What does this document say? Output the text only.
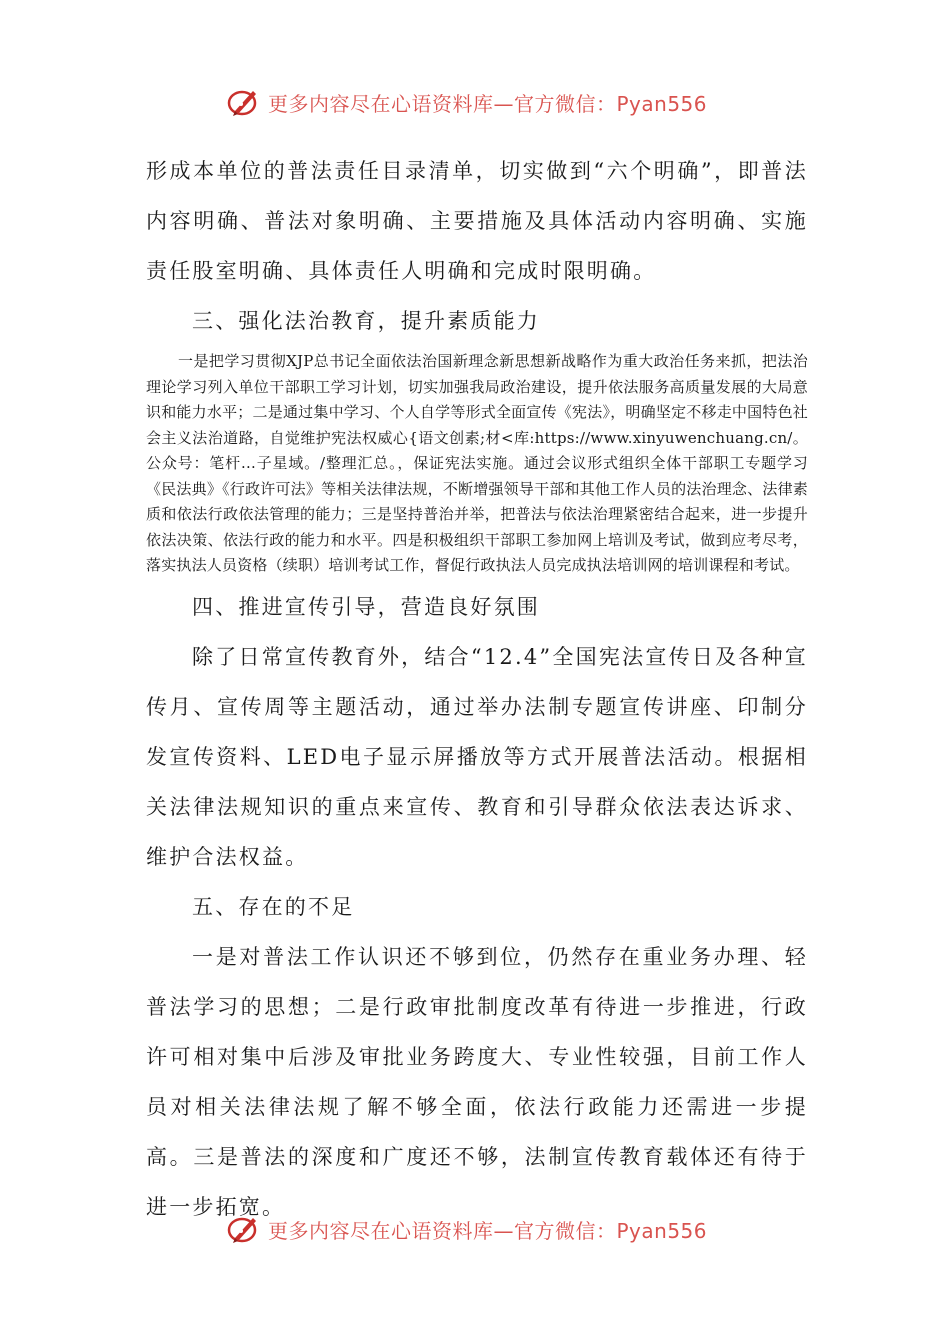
更多内容尽在心语资料库—官方微信：Pyan556

形成本单位的普法责任目录清单，切实做到“六个明确”，即普法内容明确、普法对象明确、主要措施及具体活动内容明确、实施责任股室明确、具体责任人明确和完成时限明确。

三、强化法治教育，提升素质能力

一是把学习贯彻XJP总书记全面依法治国新理念新思想新战略作为重大政治任务来抓，把法治理论学习列入单位干部职工学习计划，切实加强我局政治建设，提升依法服务高质量发展的大局意识和能力水平；二是通过集中学习、个人自学等形式全面宣传《宪法》，明确坚定不移走中国特色社会主义法治道路，自觉维护宪法权威心{语文创素;材<库:https://www.xinyuwenchuang.cn/。公众号：笔杆…子星域。/整理汇总。，保证宪法实施。通过会议形式组织全体干部职工专题学习《民法典》《行政许可法》等相关法律法规，不断增强领导干部和其他工作人员的法治理念、法律素质和依法行政依法管理的能力；三是坚持普治并举，把普法与依法治理紧密结合起来，进一步提升依法决策、依法行政的能力和水平。四是积极组织干部职工参加网上培训及考试，做到应考尽考，落实执法人员资格（续职）培训考试工作，督促行政执法人员完成执法培训网的培训课程和考试。

四、推进宣传引导，营造良好氛围

除了日常宣传教育外，结合“12.4”全国宪法宣传日及各种宣传月、宣传周等主题活动，通过举办法制专题宣传讲座、印制分发宣传资料、LED电子显示屏播放等方式开展普法活动。根据相关法律法规知识的重点来宣传、教育和引导群众依法表达诉求、维护合法权益。

五、存在的不足

一是对普法工作认识还不够到位，仍然存在重业务办理、轻普法学习的思想；二是行政审批制度改革有待进一步推进，行政许可相对集中后涉及审批业务跨度大、专业性较强，目前工作人员对相关法律法规了解不够全面，依法行政能力还需进一步提高。三是普法的深度和广度还不够，法制宣传教育载体还有待于进一步拓宽。

更多内容尽在心语资料库—官方微信：Pyan556
